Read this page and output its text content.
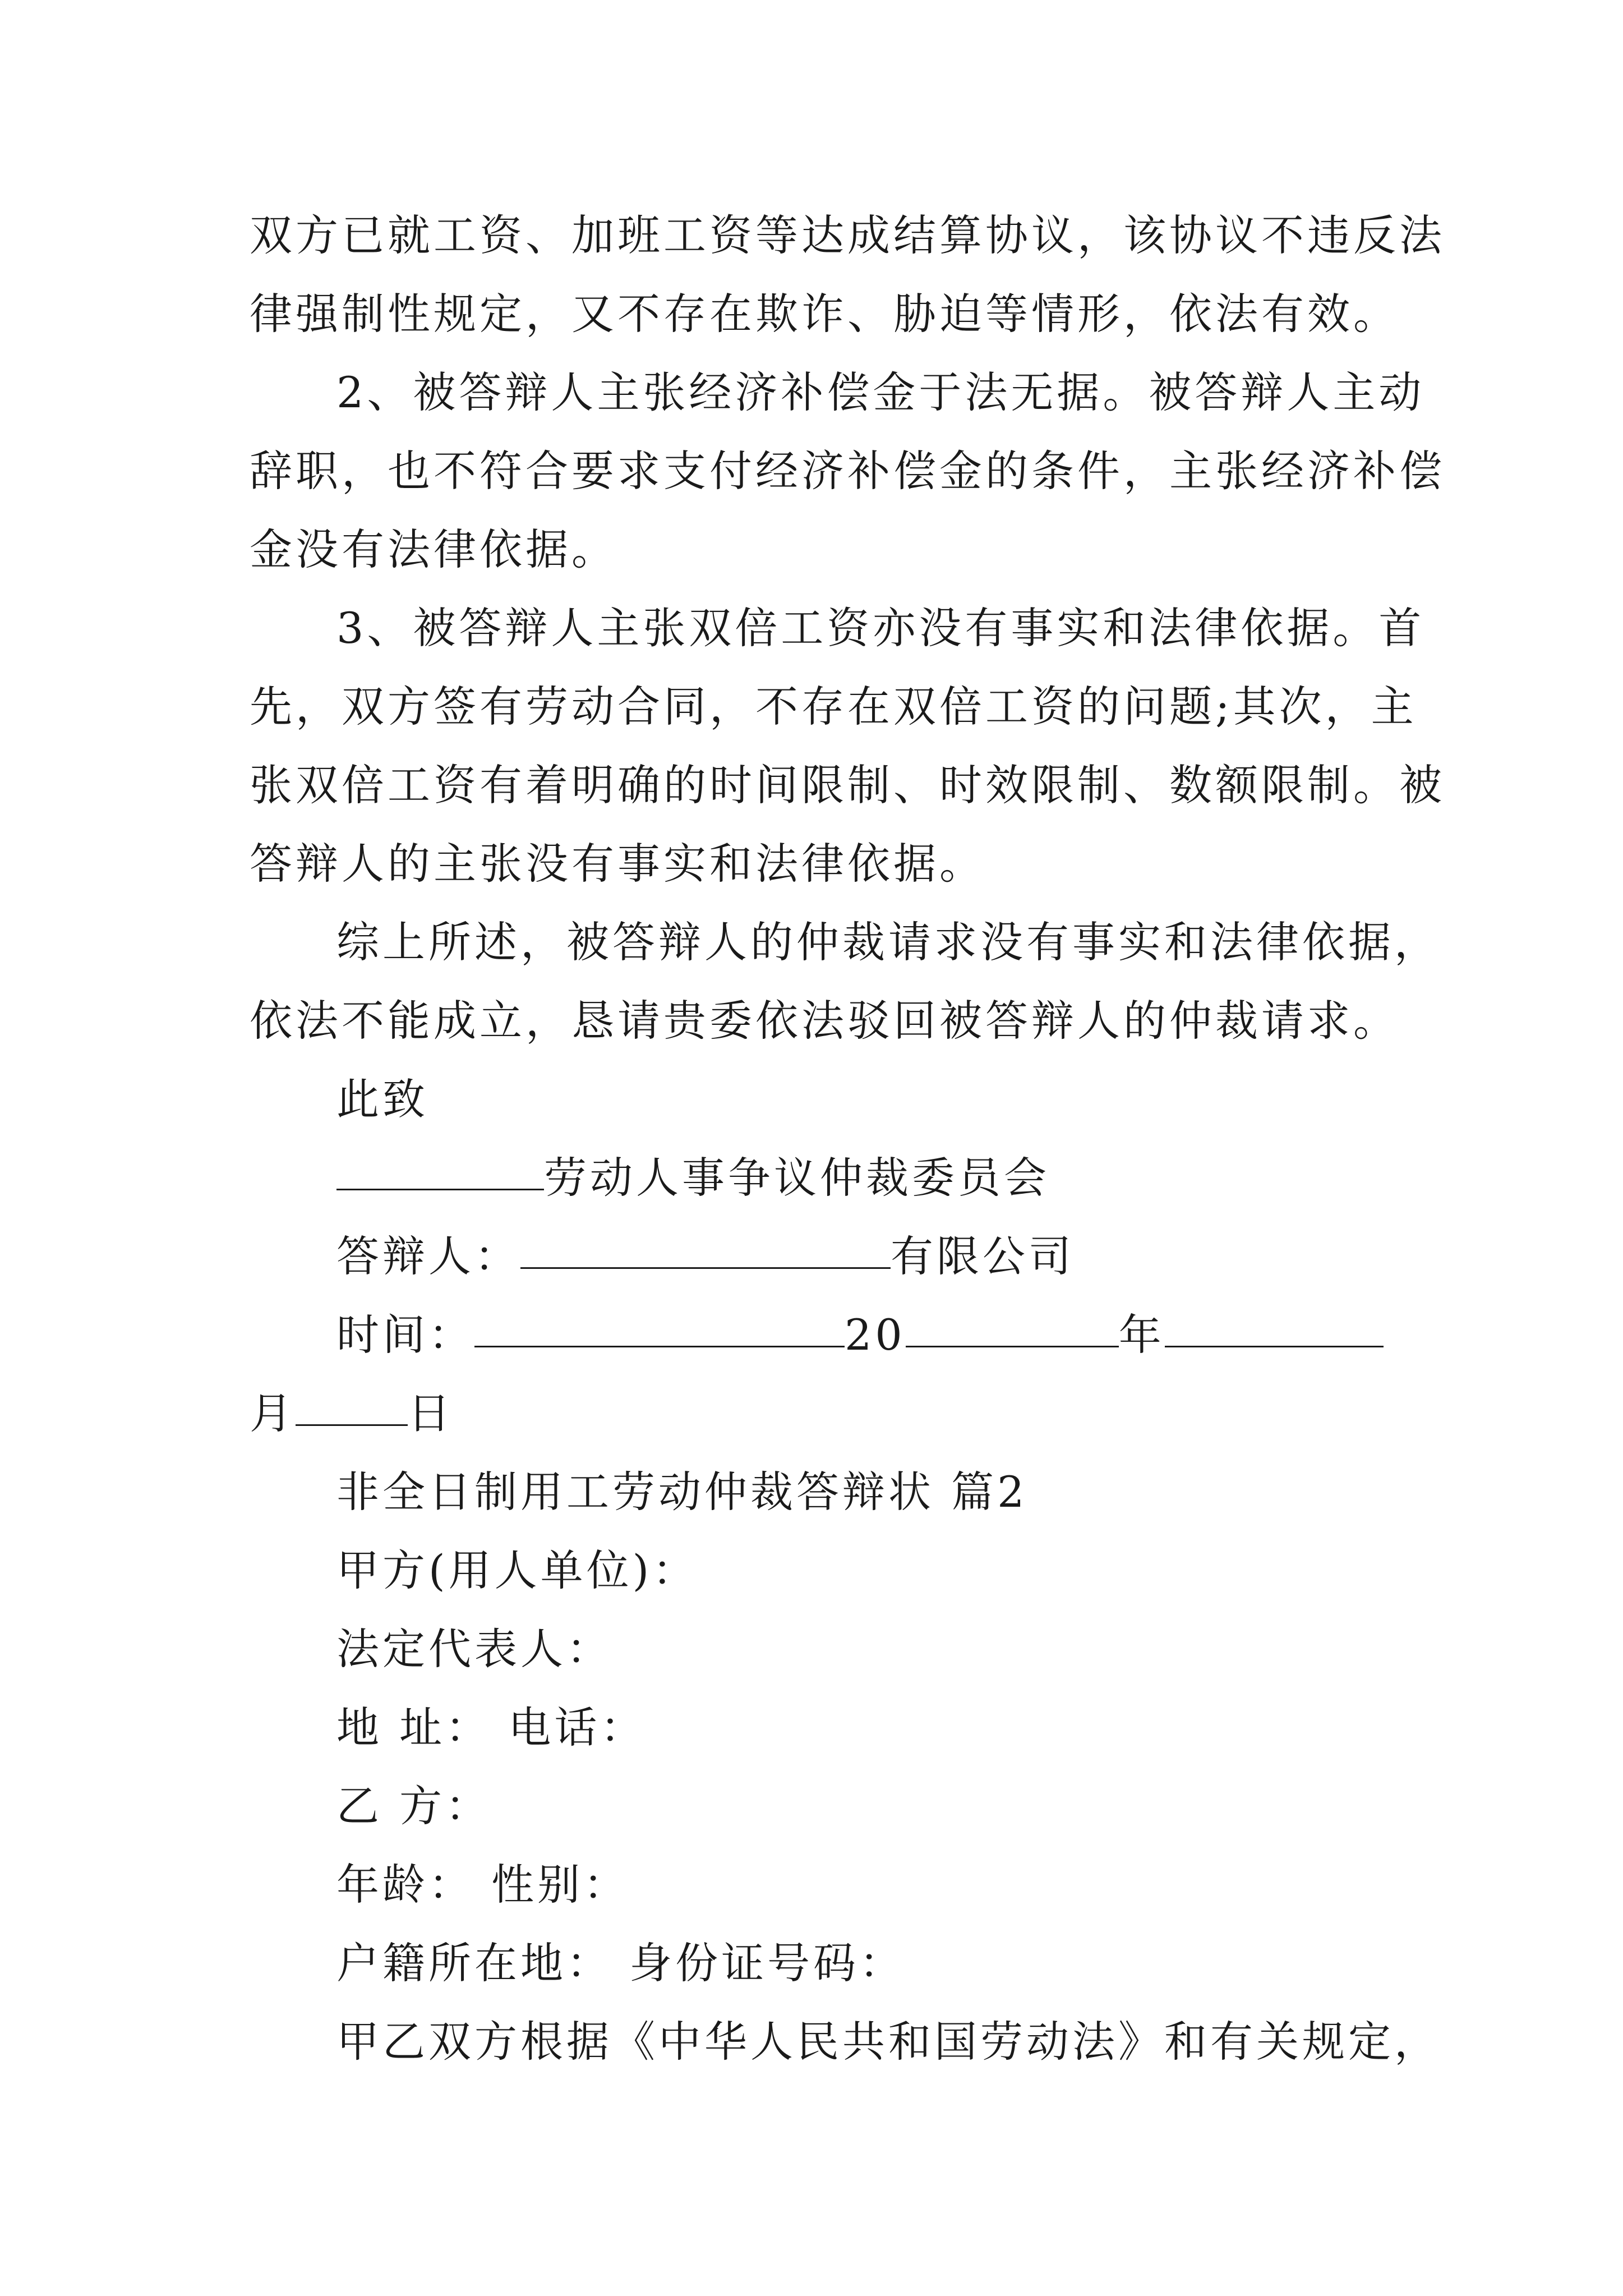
双方已就工资、加班工资等达成结算协议，该协议不违反法
律强制性规定，又不存在欺诈、胁迫等情形，依法有效。
2、被答辩人主张经济补偿金于法无据。被答辩人主动
辞职，也不符合要求支付经济补偿金的条件，主张经济补偿
金没有法律依据。
3、被答辩人主张双倍工资亦没有事实和法律依据。首
先，双方签有劳动合同，不存在双倍工资的问题;其次，主
张双倍工资有着明确的时间限制、时效限制、数额限制。被
答辩人的主张没有事实和法律依据。
综上所述，被答辩人的仲裁请求没有事实和法律依据，
依法不能成立，恳请贵委依法驳回被答辩人的仲裁请求。
此致
劳动人事争议仲裁委员会
答辩人：	有限公司
时间：	20	年
月	日
非全日制用工劳动仲裁答辩状 篇2
甲方(用人单位)：
法定代表人：
地 址： 电话：
乙 方：
年龄： 性别：
户籍所在地： 身份证号码：
甲乙双方根据《中华人民共和国劳动法》和有关规定，
